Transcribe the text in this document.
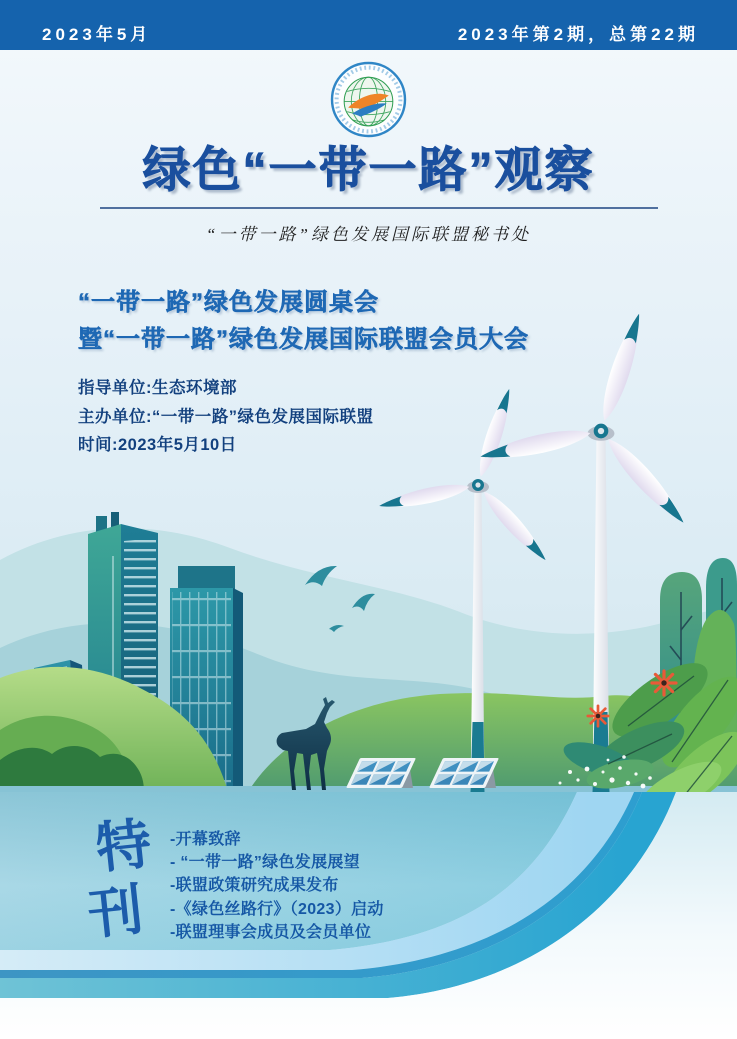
2023年5月	2023年第2期，总第22期
绿色“一带一路”观察
“一带一路”绿色发展国际联盟秘书处
“一带一路”绿色发展圆桌会
暨“一带一路”绿色发展国际联盟会员大会
指导单位:生态环境部
主办单位:“一带一路”绿色发展国际联盟
时间:2023年5月10日
特
刊
-开幕致辞
- “一带一路”绿色发展展望
-联盟政策研究成果发布
-《绿色丝路行》（2023）启动
-联盟理事会成员及会员单位
